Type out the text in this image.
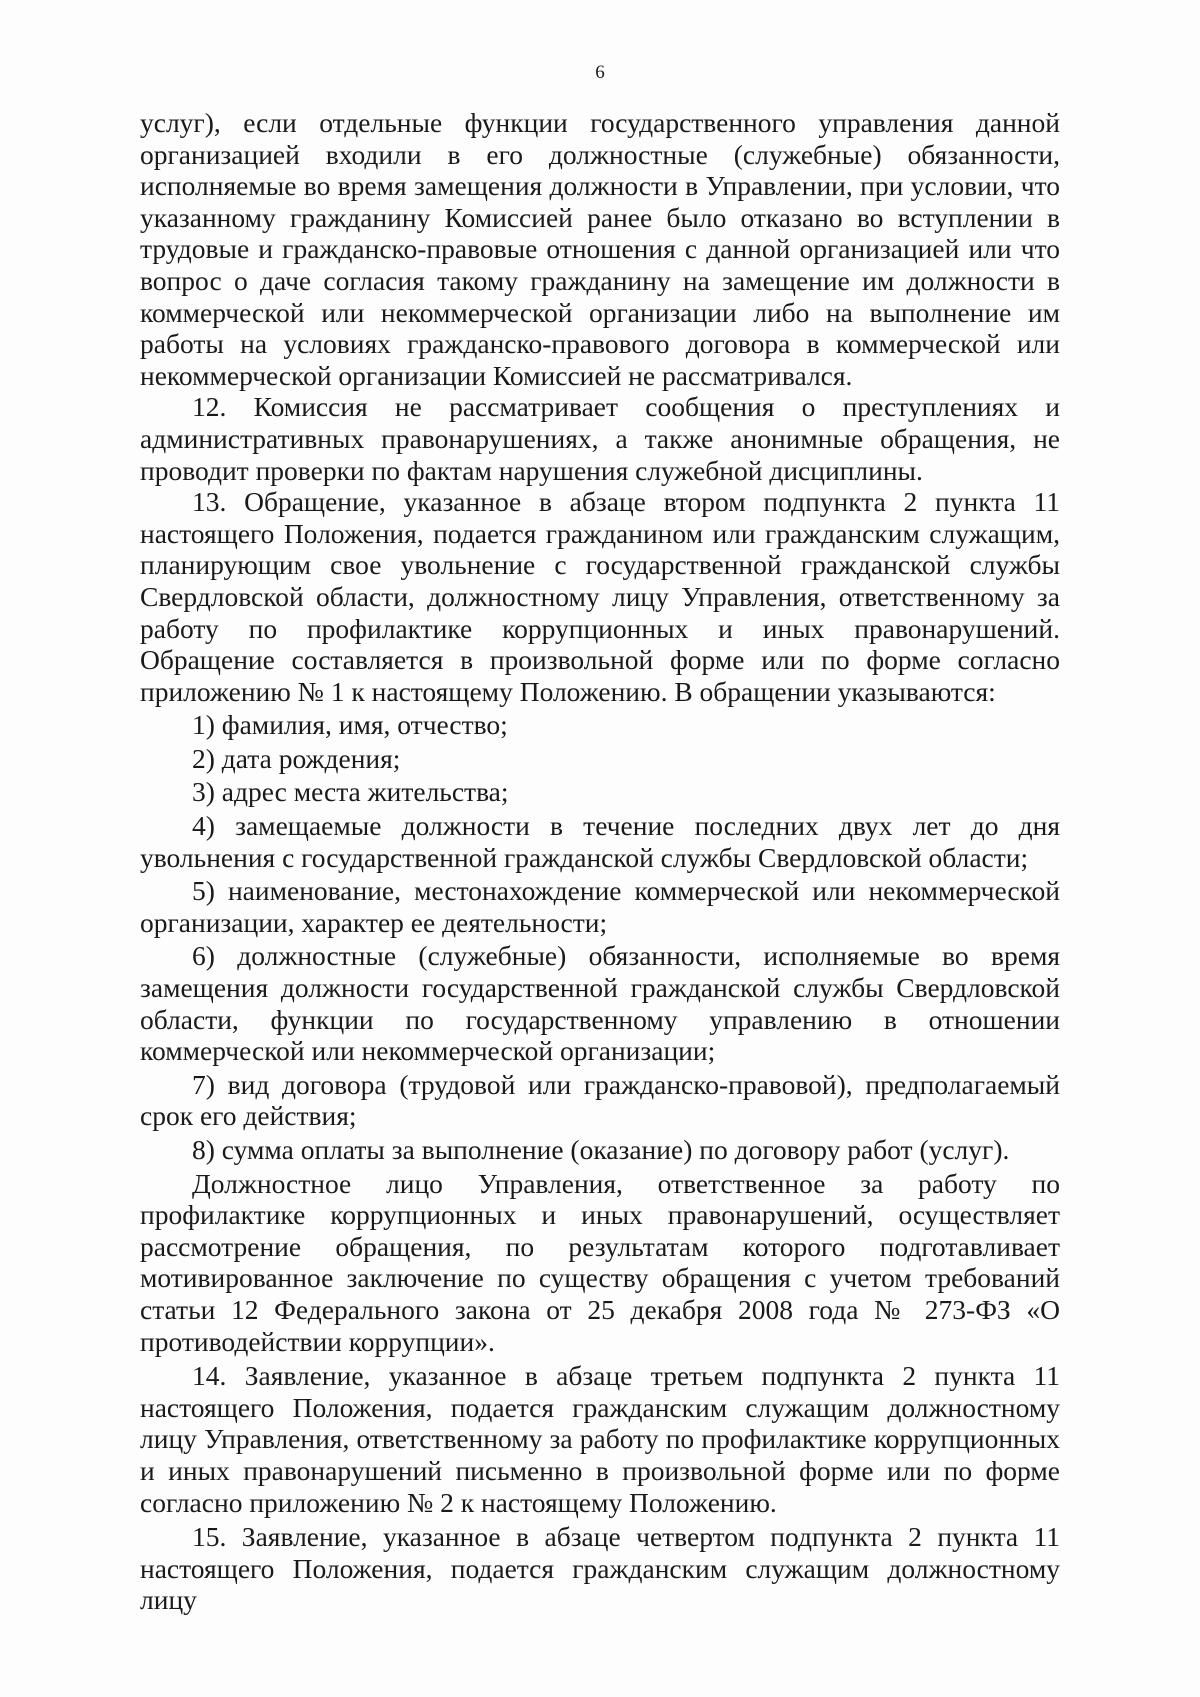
6

услуг), если отдельные функции государственного управления данной организацией входили в его должностные (служебные) обязанности, исполняемые во время замещения должности в Управлении, при условии, что указанному гражданину Комиссией ранее было отказано во вступлении в трудовые и гражданско-правовые отношения с данной организацией или что вопрос о даче согласия такому гражданину на замещение им должности в коммерческой или некоммерческой организации либо на выполнение им работы на условиях гражданско-правового договора в коммерческой или некоммерческой организации Комиссией не рассматривался.

12. Комиссия не рассматривает сообщения о преступлениях и административных правонарушениях, а также анонимные обращения, не проводит проверки по фактам нарушения служебной дисциплины.

13. Обращение, указанное в абзаце втором подпункта 2 пункта 11 настоящего Положения, подается гражданином или гражданским служащим, планирующим свое увольнение с государственной гражданской службы Свердловской области, должностному лицу Управления, ответственному за работу по профилактике коррупционных и иных правонарушений. Обращение составляется в произвольной форме или по форме согласно приложению № 1 к настоящему Положению. В обращении указываются:

1) фамилия, имя, отчество;

2) дата рождения;

3) адрес места жительства;

4) замещаемые должности в течение последних двух лет до дня увольнения с государственной гражданской службы Свердловской области;

5) наименование, местонахождение коммерческой или некоммерческой организации, характер ее деятельности;

6) должностные (служебные) обязанности, исполняемые во время замещения должности государственной гражданской службы Свердловской области, функции по государственному управлению в отношении коммерческой или некоммерческой организации;

7) вид договора (трудовой или гражданско-правовой), предполагаемый срок его действия;

8) сумма оплаты за выполнение (оказание) по договору работ (услуг).

Должностное лицо Управления, ответственное за работу по профилактике коррупционных и иных правонарушений, осуществляет рассмотрение обращения, по результатам которого подготавливает мотивированное заключение по существу обращения с учетом требований статьи 12 Федерального закона от 25 декабря 2008 года № 273-ФЗ «О противодействии коррупции».

14. Заявление, указанное в абзаце третьем подпункта 2 пункта 11 настоящего Положения, подается гражданским служащим должностному лицу Управления, ответственному за работу по профилактике коррупционных и иных правонарушений письменно в произвольной форме или по форме согласно приложению № 2 к настоящему Положению.

15. Заявление, указанное в абзаце четвертом подпункта 2 пункта 11 настоящего Положения, подается гражданским служащим должностному лицу
